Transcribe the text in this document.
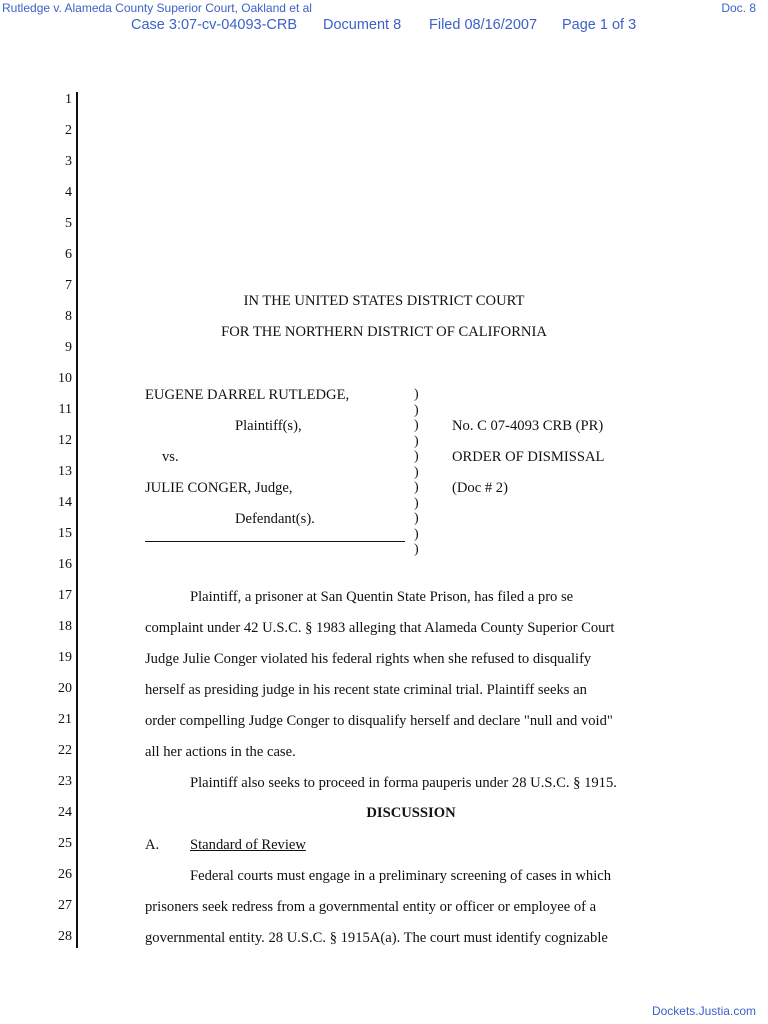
Rutledge v. Alameda County Superior Court, Oakland et al	Doc. 8
Case 3:07-cv-04093-CRB Document 8 Filed 08/16/2007 Page 1 of 3
1
2
3
4
5
6
7
8
9
10
11
12
13
14
15
16
17
18
19
20
21
22
23
24
25
26
27
28
IN THE UNITED STATES DISTRICT COURT
FOR THE NORTHERN DISTRICT OF CALIFORNIA
EUGENE DARREL RUTLEDGE,
Plaintiff(s),
vs.
JULIE CONGER, Judge,
Defendant(s).
)
)
)
)
)
)
)
)
)
)
)
No. C 07-4093 CRB (PR)
ORDER OF DISMISSAL
(Doc # 2)
Plaintiff, a prisoner at San Quentin State Prison, has filed a pro se
complaint under 42 U.S.C. § 1983 alleging that Alameda County Superior Court
Judge Julie Conger violated his federal rights when she refused to disqualify
herself as presiding judge in his recent state criminal trial. Plaintiff seeks an
order compelling Judge Conger to disqualify herself and declare "null and void"
all her actions in the case.
Plaintiff also seeks to proceed in forma pauperis under 28 U.S.C. § 1915.
DISCUSSION
A. Standard of Review
Federal courts must engage in a preliminary screening of cases in which
prisoners seek redress from a governmental entity or officer or employee of a
governmental entity. 28 U.S.C. § 1915A(a). The court must identify cognizable
Dockets.Justia.com
